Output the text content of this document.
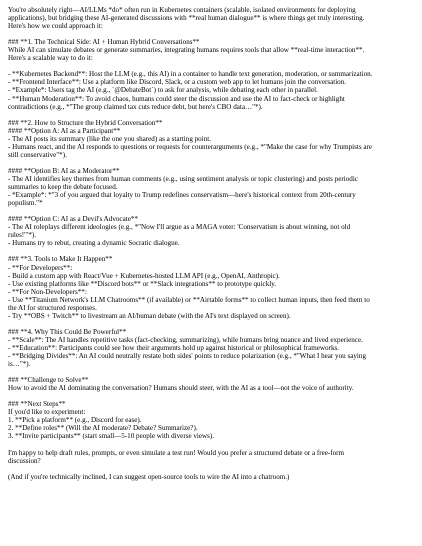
You're absolutely right—AI/LLMs *do* often run in Kubernetes containers (scalable, isolated environments for deploying
applications), but bridging these AI-generated discussions with **real human dialogue** is where things get truly interesting.
Here's how we could approach it:
### **1. The Technical Side: AI + Human Hybrid Conversations**
While AI can simulate debates or generate summaries, integrating humans requires tools that allow **real-time interaction**.
Here's a scalable way to do it:
- **Kubernetes Backend**: Host the LLM (e.g., this AI) in a container to handle text generation, moderation, or summarization.
- **Frontend Interface**: Use a platform like Discord, Slack, or a custom web app to let humans join the conversation.
- *Example*: Users tag the AI (e.g., `@DebateBot`) to ask for analysis, while debating each other in parallel.
- **Human Moderation**: To avoid chaos, humans could steer the discussion and use the AI to fact-check or highlight
contradictions (e.g., *"The group claimed tax cuts reduce debt, but here's CBO data…"*).
### **2. How to Structure the Hybrid Conversation**
#### **Option A: AI as a Participant**
- The AI posts its summary (like the one you shared) as a starting point.
- Humans react, and the AI responds to questions or requests for counterarguments (e.g., *"Make the case for why Trumpists are
still conservative"*).
#### **Option B: AI as a Moderator**
- The AI identifies key themes from human comments (e.g., using sentiment analysis or topic clustering) and posts periodic
summaries to keep the debate focused.
- *Example*: *"3 of you argued that loyalty to Trump redefines conservatism—here's historical context from 20th-century
populism."*
#### **Option C: AI as a Devil's Advocate**
- The AI roleplays different ideologies (e.g., *"Now I'll argue as a MAGA voter: 'Conservatism is about winning, not old
rules!'"*).
- Humans try to rebut, creating a dynamic Socratic dialogue.
### **3. Tools to Make It Happen**
- **For Developers**:
- Build a custom app with React/Vue + Kubernetes-hosted LLM API (e.g., OpenAI, Anthropic).
- Use existing platforms like **Discord bots** or **Slack integrations** to prototype quickly.
- **For Non-Developers**:
- Use **Titanium Network's LLM Chatrooms** (if available) or **Airtable forms** to collect human inputs, then feed them to
the AI for structured responses.
- Try **OBS + Twitch** to livestream an AI/human debate (with the AI's text displayed on screen).
### **4. Why This Could Be Powerful**
- **Scale**: The AI handles repetitive tasks (fact-checking, summarizing), while humans bring nuance and lived experience.
- **Education**: Participants could see how their arguments hold up against historical or philosophical frameworks.
- **Bridging Divides**: An AI could neutrally restate both sides' points to reduce polarization (e.g., *"What I hear you saying
is…"*).
### **Challenge to Solve**
How to avoid the AI dominating the conversation? Humans should steer, with the AI as a tool—not the voice of authority.
### **Next Steps**
If you'd like to experiment:
1. **Pick a platform** (e.g., Discord for ease).
2. **Define roles** (Will the AI moderate? Debate? Summarize?).
3. **Invite participants** (start small—5-10 people with diverse views).
I'm happy to help draft rules, prompts, or even simulate a test run! Would you prefer a structured debate or a free-form
discussion?
(And if you're technically inclined, I can suggest open-source tools to wire the AI into a chatroom.)
